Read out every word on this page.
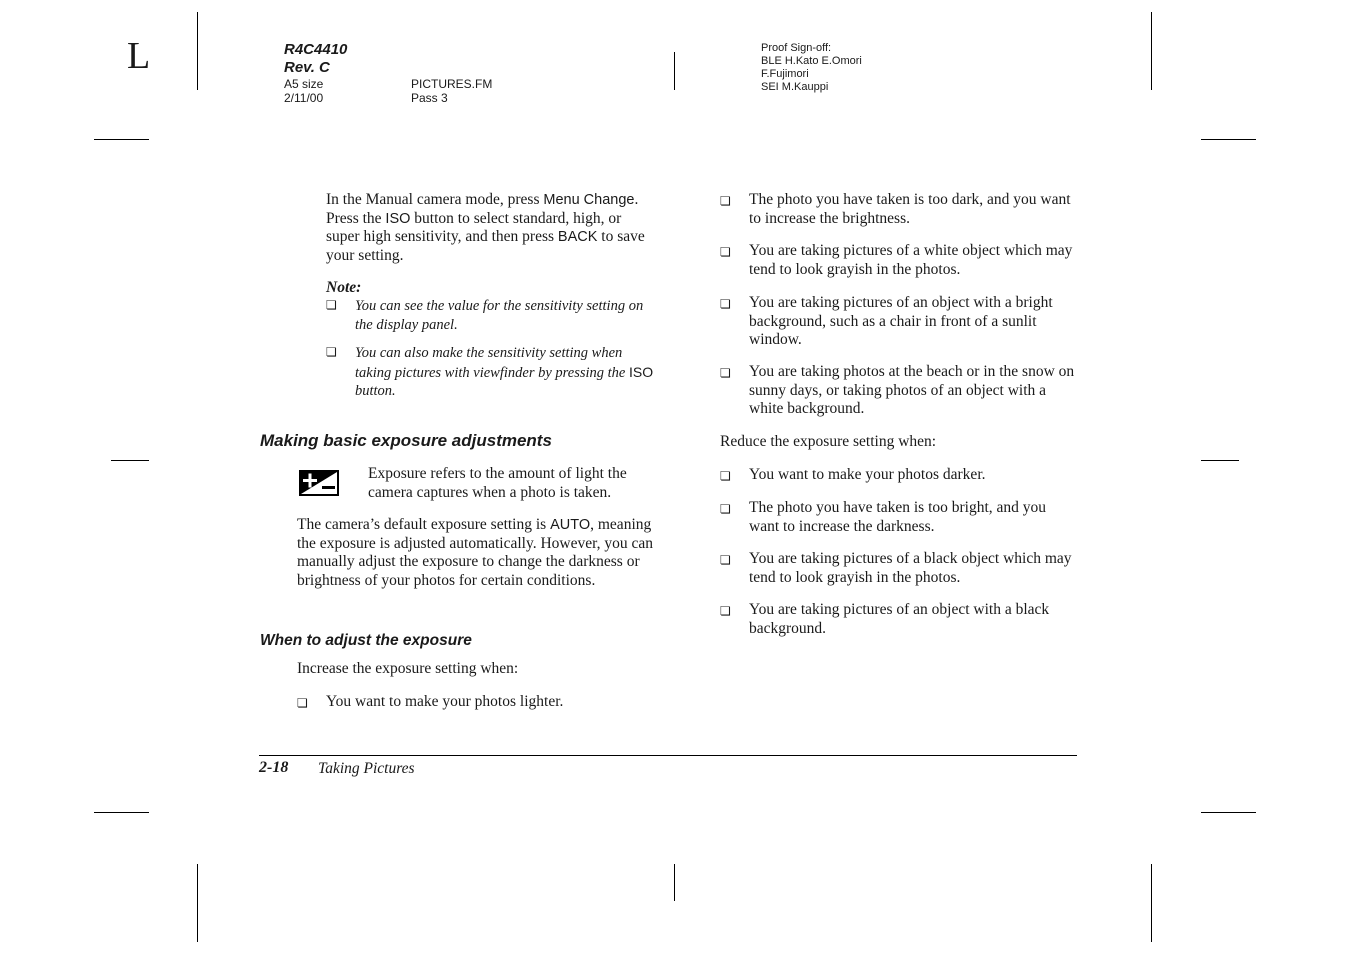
L	R4C4410
Rev. C
A5 size
2/11/00
PICTURES.FM
Pass 3
Proof Sign-off:
BLE H.Kato E.Omori
F.Fujimori
SEI M.Kauppi
In the Manual camera mode, press Menu Change. Press the ISO button to select standard, high, or super high sensitivity, and then press BACK to save your setting.
Note:
❏ You can see the value for the sensitivity setting on the display panel.
❏ You can also make the sensitivity setting when taking pictures with viewfinder by pressing the ISO button.
Making basic exposure adjustments
Exposure refers to the amount of light the camera captures when a photo is taken.
The camera’s default exposure setting is AUTO, meaning the exposure is adjusted automatically. However, you can manually adjust the exposure to change the darkness or brightness of your photos for certain conditions.
When to adjust the exposure
Increase the exposure setting when:
❏ You want to make your photos lighter.
❏ The photo you have taken is too dark, and you want to increase the brightness.
❏ You are taking pictures of a white object which may tend to look grayish in the photos.
❏ You are taking pictures of an object with a bright background, such as a chair in front of a sunlit window.
❏ You are taking photos at the beach or in the snow on sunny days, or taking photos of an object with a white background.
Reduce the exposure setting when:
❏ You want to make your photos darker.
❏ The photo you have taken is too bright, and you want to increase the darkness.
❏ You are taking pictures of a black object which may tend to look grayish in the photos.
❏ You are taking pictures of an object with a black background.
2-18 Taking Pictures
